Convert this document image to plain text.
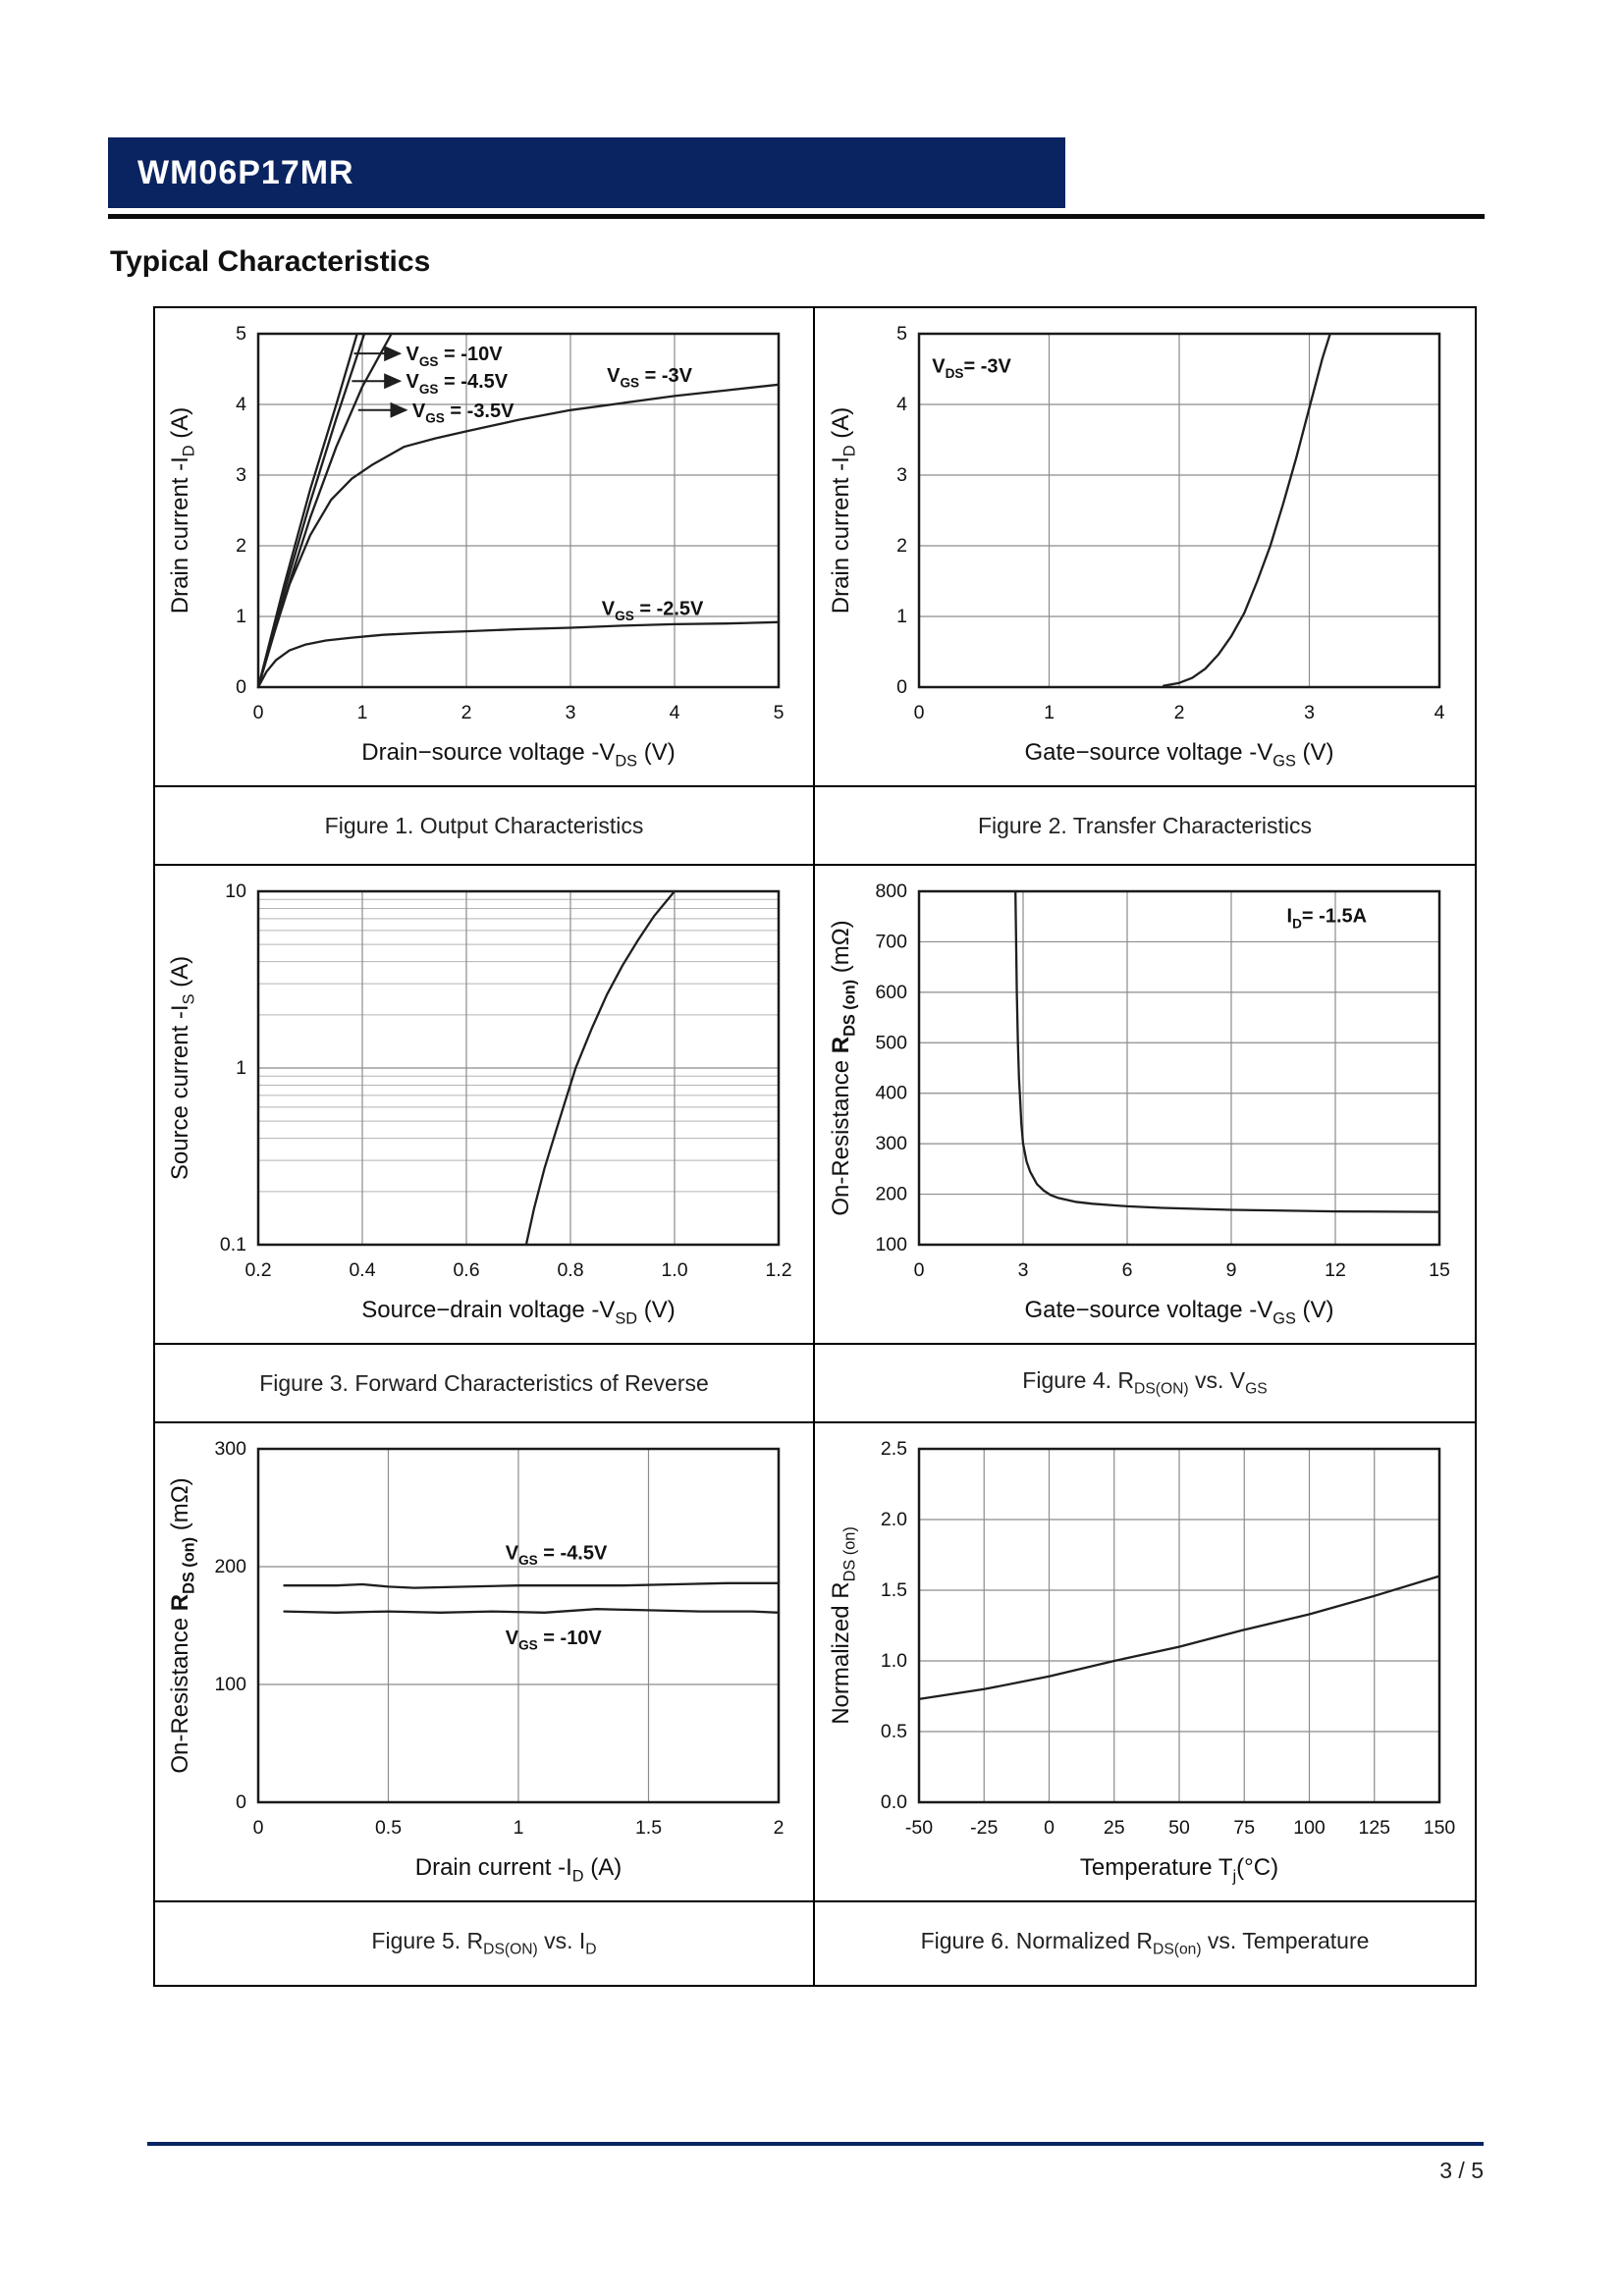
WM06P17MR
Typical Characteristics
$V_{GS} = -10V$
$V_{GS} = -4.5V$
$V_{GS} = -3.5V$
$V_{GS} = -3V$
$V_{GS} = -2.5V$
0	1	2	3	4	5
0
1
2
3
4
5
Drain−source voltage -VDS (V)
Drain current -ID (A)
$V_{DS}= -3V$
0	1	2	3	4
0
1
2
3
4
5
Gate−source voltage -VGS (V)
Drain current -ID (A)
Figure 1. Output Characteristics	Figure 2. Transfer Characteristics
0.2	0.4	0.6	0.8	1.0	1.2
0.1
1
10
Source−drain voltage -VSD (V)
Source current -IS (A)
$I_D= -1.5A$
0	3	6	9	12	15
100
200
300
400
500
600
700
800
Gate−source voltage -VGS (V)
On-Resistance RDS (on) (mΩ)
Figure 3. Forward Characteristics of Reverse	Figure 4. $R_{DS(ON)}$ vs. $V_{GS}$
$V_{GS} = -4.5V$
$V_{GS} = -10V$
0	0.5	1	1.5	2
0
100
200
300
Drain current -ID (A)
On-Resistance RDS (on) (mΩ)
-50 -25 0	25 50 75 100 125 150
0.0
0.5
1.0
1.5
2.0
2.5
Temperature Tj(°C)
Normalized RDS (on)
Figure 5. $R_{DS(ON)}$ vs. $I_D$	Figure 6. Normalized $R_{DS(on)}$ vs. Temperature
3 / 5
